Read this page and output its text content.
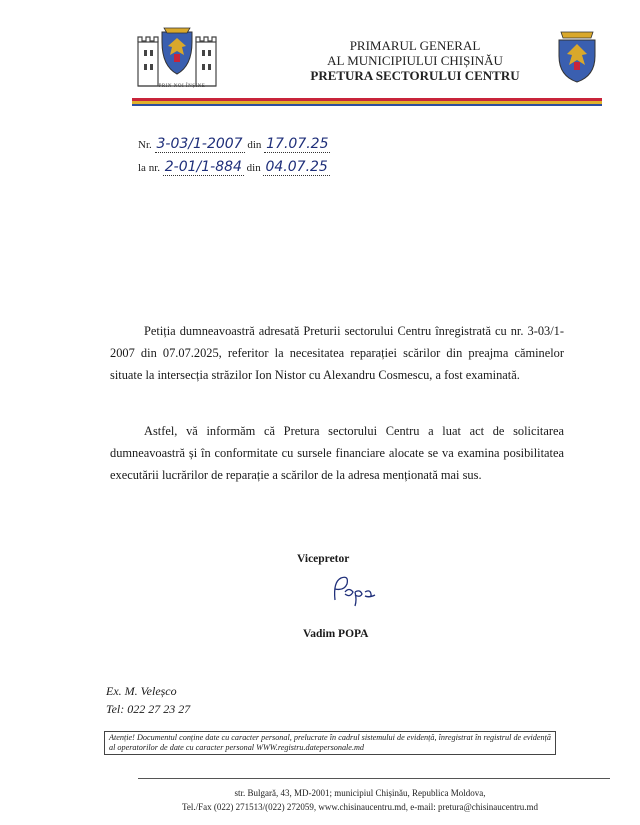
PRIN NOI ÎNȘINE
PRIMARUL GENERAL
AL MUNICIPIULUI CHIȘINĂU
PRETURA SECTORULUI CENTRU
Nr. 3-03/1-2007 din 17.07.25
la nr. 2-01/1-884 din 04.07.25

Petiția dumneavoastră adresată Preturii sectorului Centru înregistrată cu nr. 3-03/1-2007 din 07.07.2025, referitor la necesitatea reparației scărilor din preajma căminelor situate la intersecția străzilor Ion Nistor cu Alexandru Cosmescu, a fost examinată.

Astfel, vă informăm că Pretura sectorului Centru a luat act de solicitarea dumneavoastră și în conformitate cu sursele financiare alocate se va examina posibilitatea executării lucrărilor de reparație a scărilor de la adresa menționată mai sus.

Vicepretor
Vadim POPA
Ex. M. Veleșco
Tel: 022 27 23 27
Atenție! Documentul conține date cu caracter personal, prelucrate în cadrul sistemului de evidență, înregistrat în registrul de evidență al operatorilor de date cu caracter personal WWW.registru.datepersonale.md
str. Bulgară, 43, MD-2001; municipiul Chișinău, Republica Moldova,
Tel./Fax (022) 271513/(022) 272059, www.chisinaucentru.md, e-mail: pretura@chisinaucentru.md
